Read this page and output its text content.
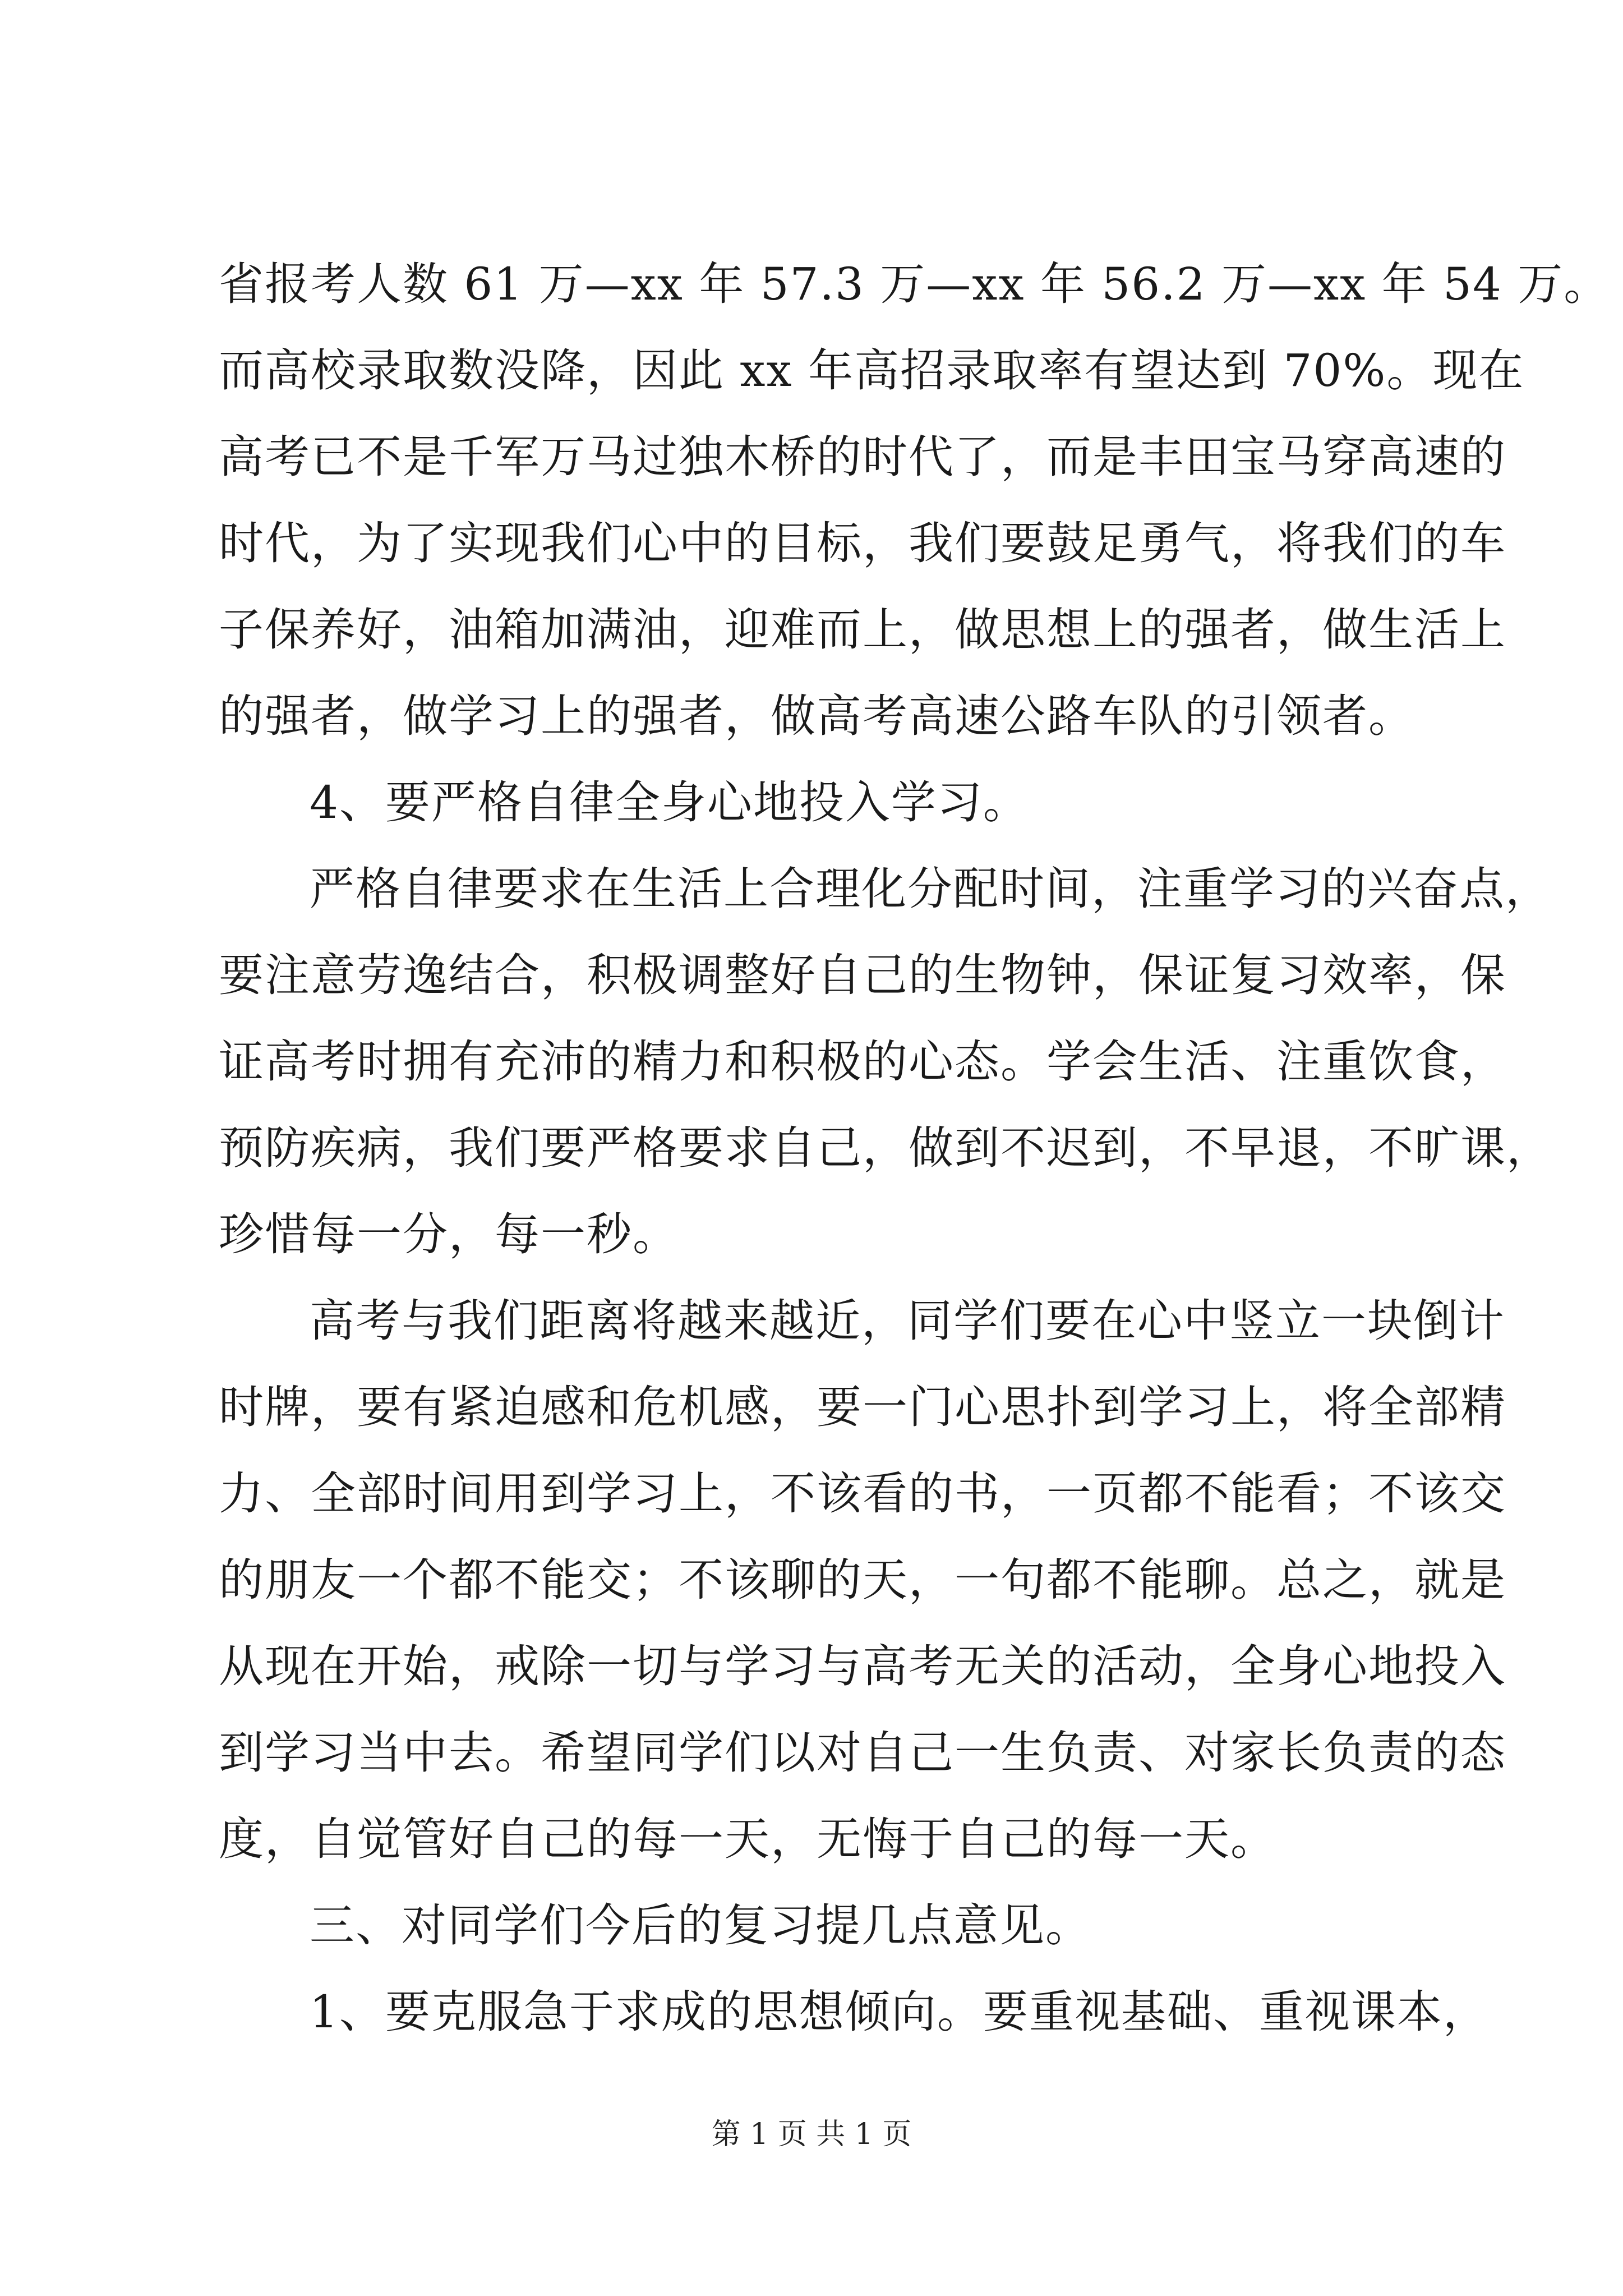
省报考人数 61 万—xx 年 57.3 万—xx 年 56.2 万—xx 年 54 万。
而高校录取数没降，因此 xx 年高招录取率有望达到 70%。现在
高考已不是千军万马过独木桥的时代了，而是丰田宝马穿高速的
时代，为了实现我们心中的目标，我们要鼓足勇气，将我们的车
子保养好，油箱加满油，迎难而上，做思想上的强者，做生活上
的强者，做学习上的强者，做高考高速公路车队的引领者。
4、要严格自律全身心地投入学习。
严格自律要求在生活上合理化分配时间，注重学习的兴奋点，
要注意劳逸结合，积极调整好自己的生物钟，保证复习效率，保
证高考时拥有充沛的精力和积极的心态。学会生活、注重饮食，
预防疾病，我们要严格要求自己，做到不迟到，不早退，不旷课，
珍惜每一分，每一秒。
高考与我们距离将越来越近，同学们要在心中竖立一块倒计
时牌，要有紧迫感和危机感，要一门心思扑到学习上，将全部精
力、全部时间用到学习上，不该看的书，一页都不能看；不该交
的朋友一个都不能交；不该聊的天，一句都不能聊。总之，就是
从现在开始，戒除一切与学习与高考无关的活动，全身心地投入
到学习当中去。希望同学们以对自己一生负责、对家长负责的态
度，自觉管好自己的每一天，无悔于自己的每一天。
三、对同学们今后的复习提几点意见。
1、要克服急于求成的思想倾向。要重视基础、重视课本，
第 1 页 共 1 页
